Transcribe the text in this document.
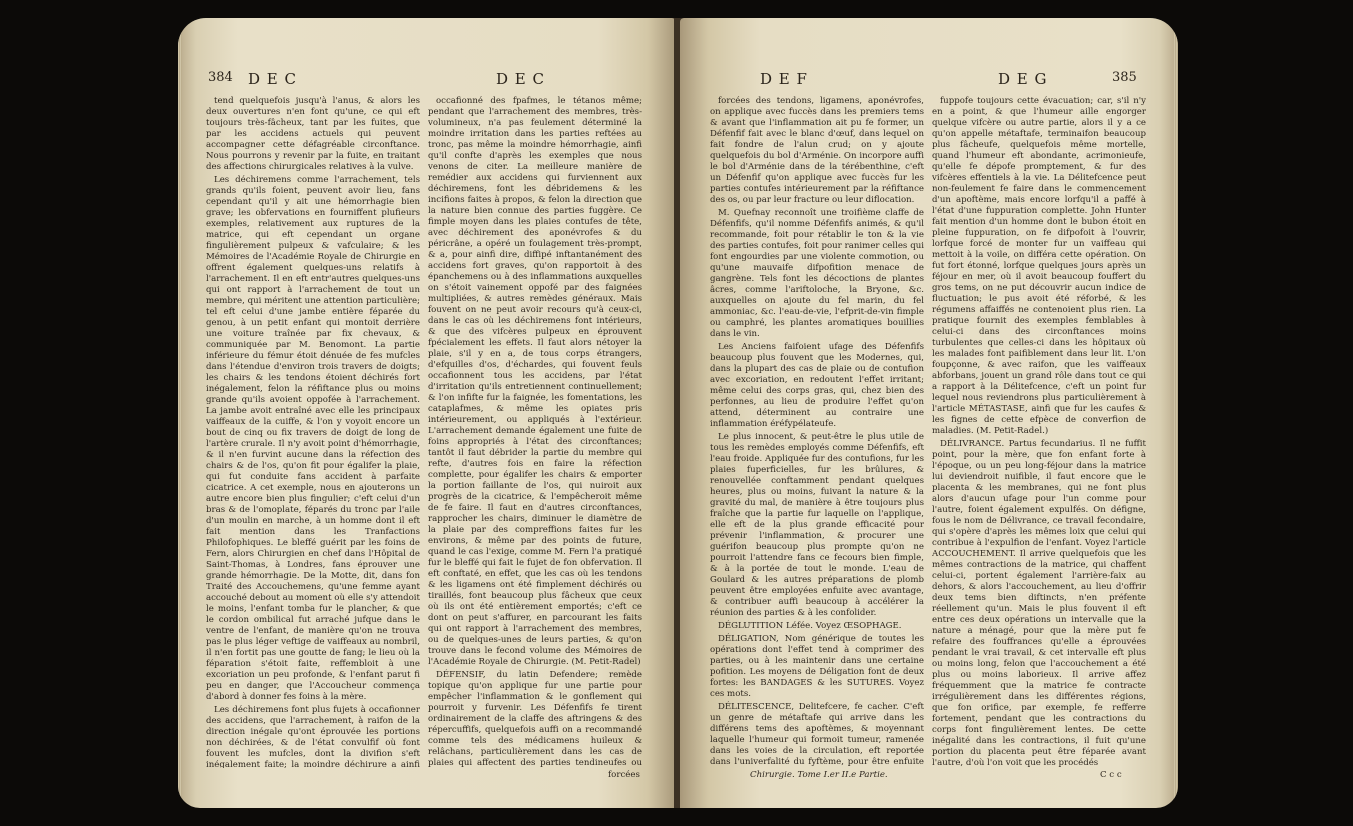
384 D E C	D E C

tend quelquefois jusqu'à l'anus, & alors les deux ouvertures n'en font qu'une, ce qui eft toujours très-fâcheux, tant par les fuites, que par les accidens actuels qui peuvent accompagner cette défagréable circonftance. Nous pourrons y revenir par la fuite, en traitant des affections chirurgicales relatives à la vulve.

Les déchiremens comme l'arrachement, tels grands qu'ils foient, peuvent avoir lieu, fans cependant qu'il y ait une hémorrhagie bien grave; les obfervations en fourniffent plufieurs exemples, relativement aux ruptures de la matrice, qui eft cependant un organe fingulièrement pulpeux & vafculaire; & les Mémoires de l'Académie Royale de Chirurgie en offrent également quelques-uns relatifs à l'arrachement. Il en eft entr'autres quelques-uns qui ont rapport à l'arrachement de tout un membre, qui méritent une attention particulière; tel eft celui d'une jambe entière féparée du genou, à un petit enfant qui montoit derrière une voiture traînée par fix chevaux, & communiquée par M. Benomont. La partie inférieure du fémur étoit dénuée de fes mufcles dans l'étendue d'environ trois travers de doigts; les chairs & les tendons étoient déchirés fort inégalement, felon la réfiftance plus ou moins grande qu'ils avoient oppofée à l'arrachement. La jambe avoit entraîné avec elle les principaux vaiffeaux de la cuiffe, & l'on y voyoit encore un bout de cinq ou fix travers de doigt de long de l'artère crurale. Il n'y avoit point d'hémorrhagie, & il n'en furvint aucune dans la réfection des chairs & de l'os, qu'on fit pour égalifer la plaie, qui fut conduite fans accident à parfaite cicatrice. A cet exemple, nous en ajouterons un autre encore bien plus fingulier; c'eft celui d'un bras & de l'omoplate, féparés du tronc par l'aile d'un moulin en marche, à un homme dont il eft fait mention dans les Tranfactions Philofophiques. Le bleffé guérit par les foins de Fern, alors Chirurgien en chef dans l'Hôpital de Saint-Thomas, à Londres, fans éprouver une grande hémorrhagie. De la Motte, dit, dans fon Traité des Accouchemens, qu'une femme ayant accouché debout au moment où elle s'y attendoit le moins, l'enfant tomba fur le plancher, & que le cordon ombilical fut arraché jufque dans le ventre de l'enfant, de manière qu'on ne trouva pas le plus léger veftige de vaiffeaux au nombril, il n'en fortit pas une goutte de fang; le lieu où la féparation s'étoit faite, reffembloit à une excoriation un peu profonde, & l'enfant parut fi peu en danger, que l'Accoucheur commença d'abord à donner fes foins à la mère.

Les déchiremens font plus fujets à occafionner des accidens, que l'arrachement, à raifon de la direction inégale qu'ont éprouvée les portions non déchirées, & de l'état convulfif où font fouvent les mufcles, dont la divifion s'eft inégalement faite; la moindre déchirure a ainfi

occafionné des fpafmes, le tétanos même; pendant que l'arrachement des membres, très-volumineux, n'a pas feulement déterminé la moindre irritation dans les parties reftées au tronc, pas même la moindre hémorrhagie, ainfi qu'il confte d'après les exemples que nous venons de citer. La meilleure manière de remédier aux accidens qui furviennent aux déchiremens, font les débridemens & les incifions faites à propos, & felon la direction que la nature bien connue des parties fuggère. Ce fimple moyen dans les plaies contufes de tête, avec déchirement des aponévrofes & du péricrâne, a opéré un foulagement très-prompt, & a, pour ainfi dire, diffipé inftantanément des accidens fort graves, qu'on rapportoit à des épanchemens ou à des inflammations auxquelles on s'étoit vainement oppofé par des faignées multipliées, & autres remèdes généraux. Mais fouvent on ne peut avoir recours qu'à ceux-ci, dans le cas où les déchiremens font intérieurs, & que des vifcères pulpeux en éprouvent fpécialement les effets. Il faut alors nétoyer la plaie, s'il y en a, de tous corps étrangers, d'efquilles d'os, d'échardes, qui fouvent feuls occafionnent tous les accidens, par l'état d'irritation qu'ils entretiennent continuellement; & l'on infifte fur la faignée, les fomentations, les cataplafmes, & même les opiates pris intérieurement, ou appliqués à l'extérieur. L'arrachement demande également une fuite de foins appropriés à l'état des circonftances; tantôt il faut débrider la partie du membre qui refte, d'autres fois en faire la réfection complette, pour égalifer les chairs & emporter la portion faillante de l'os, qui nuiroit aux progrès de la cicatrice, & l'empêcheroit même de fe faire. Il faut en d'autres circonftances, rapprocher les chairs, diminuer le diamètre de la plaie par des compreffions faites fur les environs, & même par des points de future, quand le cas l'exige, comme M. Fern l'a pratiqué fur le bleffé qui fait le fujet de fon obfervation. Il eft conftaté, en effet, que les cas où les tendons & les ligamens ont été fimplement déchirés ou tiraillés, font beaucoup plus fâcheux que ceux où ils ont été entièrement emportés; c'eft ce dont on peut s'affurer, en parcourant les faits qui ont rapport à l'arrachement des membres, ou de quelques-unes de leurs parties, & qu'on trouve dans le fecond volume des Mémoires de l'Académie Royale de Chirurgie. (M. Petit-Radel)

DÉFENSIF, du latin Defendere; remède topique qu'on applique fur une partie pour empêcher l'inflammation & le gonflement qui pourroit y furvenir. Les Défenfifs fe tirent ordinairement de la claffe des aftringens & des répercuffifs, quelquefois auffi on a recommandé comme tels des médicamens huileux & relâchans, particulièrement dans les cas de plaies qui affectent des parties tendineufes ou

forcées
D E F	D E G	385

forcées des tendons, ligamens, aponévrofes, on applique avec fuccès dans les premiers tems & avant que l'inflammation ait pu fe former, un Défenfif fait avec le blanc d'œuf, dans lequel on fait fondre de l'alun crud; on y ajoute quelquefois du bol d'Arménie. On incorpore auffi le bol d'Arménie dans de la térébenthine, c'eft un Défenfif qu'on applique avec fuccès fur les parties contufes intérieurement par la réfiftance des os, ou par leur fracture ou leur diflocation.

M. Quefnay reconnoît une troifième claffe de Défenfifs, qu'il nomme Défenfifs animés, & qu'il recommande, foit pour rétablir le ton & la vie des parties contufes, foit pour ranimer celles qui font engourdies par une violente commotion, ou qu'une mauvaife difpofition menace de gangrène. Tels font les décoctions de plantes âcres, comme l'ariftoloche, la Bryone, &c. auxquelles on ajoute du fel marin, du fel ammoniac, &c. l'eau-de-vie, l'efprit-de-vin fimple ou camphré, les plantes aromatiques bouillies dans le vin.

Les Anciens faifoient ufage des Défenfifs beaucoup plus fouvent que les Modernes, qui, dans la plupart des cas de plaie ou de contufion avec excoriation, en redoutent l'effet irritant; même celui des corps gras, qui, chez bien des perfonnes, au lieu de produire l'effet qu'on attend, déterminent au contraire une inflammation éréfypélateufe.

Le plus innocent, & peut-être le plus utile de tous les remèdes employés comme Défenfifs, eft l'eau froide. Appliquée fur des contufions, fur les plaies fuperficielles, fur les brûlures, & renouvellée conftamment pendant quelques heures, plus ou moins, fuivant la nature & la gravité du mal, de manière à être toujours plus fraîche que la partie fur laquelle on l'applique, elle eft de la plus grande efficacité pour prévenir l'inflammation, & procurer une guérifon beaucoup plus prompte qu'on ne pourroit l'attendre fans ce fecours bien fimple, & à la portée de tout le monde. L'eau de Goulard & les autres préparations de plomb peuvent être employées enfuite avec avantage, & contribuer auffi beaucoup à accélérer la réunion des parties & à les confolider.

DÉGLUTITION Léfée. Voyez ŒSOPHAGE.

DÉLIGATION, Nom générique de toutes les opérations dont l'effet tend à comprimer des parties, ou à les maintenir dans une certaine pofition. Les moyens de Déligation font de deux fortes: les BANDAGES & les SUTURES. Voyez ces mots.

DÉLITESCENCE, Delitefcere, fe cacher. C'eft un genre de métaftafe qui arrive dans les différens tems des apoftèmes, & moyennant laquelle l'humeur qui formoit tumeur, ramenée dans les voies de la circulation, eft reportée dans l'univerfalité du fyftème, pour être enfuite

fuppofe toujours cette évacuation; car, s'il n'y en a point, & que l'humeur aille engorger quelque vifcère ou autre partie, alors il y a ce qu'on appelle métaftafe, terminaifon beaucoup plus fâcheufe, quelquefois même mortelle, quand l'humeur eft abondante, acrimonieufe, qu'elle fe dépofe promptement, & fur des vifcères effentiels à la vie. La Délitefcence peut non-feulement fe faire dans le commencement d'un apoftème, mais encore lorfqu'il a paffé à l'état d'une fuppuration complette. John Hunter fait mention d'un homme dont le bubon étoit en pleine fuppuration, on fe difpofoit à l'ouvrir, lorfque forcé de monter fur un vaiffeau qui mettoit à la voile, on différa cette opération. On fut fort étonné, lorfque quelques jours après un féjour en mer, où il avoit beaucoup fouffert du gros tems, on ne put découvrir aucun indice de fluctuation; le pus avoit été réforbé, & les régumens affaiffés ne contenoient plus rien. La pratique fournit des exemples femblables à celui-ci dans des circonftances moins turbulentes que celles-ci dans les hôpitaux où les malades font paifiblement dans leur lit. L'on foupçonne, & avec raifon, que les vaiffeaux abforbans, jouent un grand rôle dans tout ce qui a rapport à la Délitefcence, c'eft un point fur lequel nous reviendrons plus particulièrement à l'article MÉTASTASE, ainfi que fur les caufes & les fignes de cette efpèce de converfion de maladies. (M. Petit-Radel.)

DÉLIVRANCE. Partus fecundarius. Il ne fuffit point, pour la mère, que fon enfant forte à l'époque, ou un peu long-féjour dans la matrice lui deviendroit nuifible, il faut encore que le placenta & les membranes, qui ne font plus alors d'aucun ufage pour l'un comme pour l'autre, foient également expulfés. On défigne, fous le nom de Délivrance, ce travail fecondaire, qui s'opère d'après les mêmes loix que celui qui contribue à l'expulfion de l'enfant. Voyez l'article ACCOUCHEMENT. Il arrive quelquefois que les mêmes contractions de la matrice, qui chaffent celui-ci, portent également l'arrière-faix au dehors, & alors l'accouchement, au lieu d'offrir deux tems bien diftincts, n'en préfente réellement qu'un. Mais le plus fouvent il eft entre ces deux opérations un intervalle que la nature a ménagé, pour que la mère put fe refaire des fouffrances qu'elle a éprouvées pendant le vrai travail, & cet intervalle eft plus ou moins long, felon que l'accouchement a été plus ou moins laborieux. Il arrive affez fréquemment que la matrice fe contracte irrégulièrement dans les différentes régions, que fon orifice, par exemple, fe refferre fortement, pendant que les contractions du corps font fingulièrement lentes. De cette inégalité dans les contractions, il fuit qu'une portion du placenta peut être féparée avant l'autre, d'où l'on voit que les procédés

Chirurgie. Tome I.er II.e Partie.	C c c
